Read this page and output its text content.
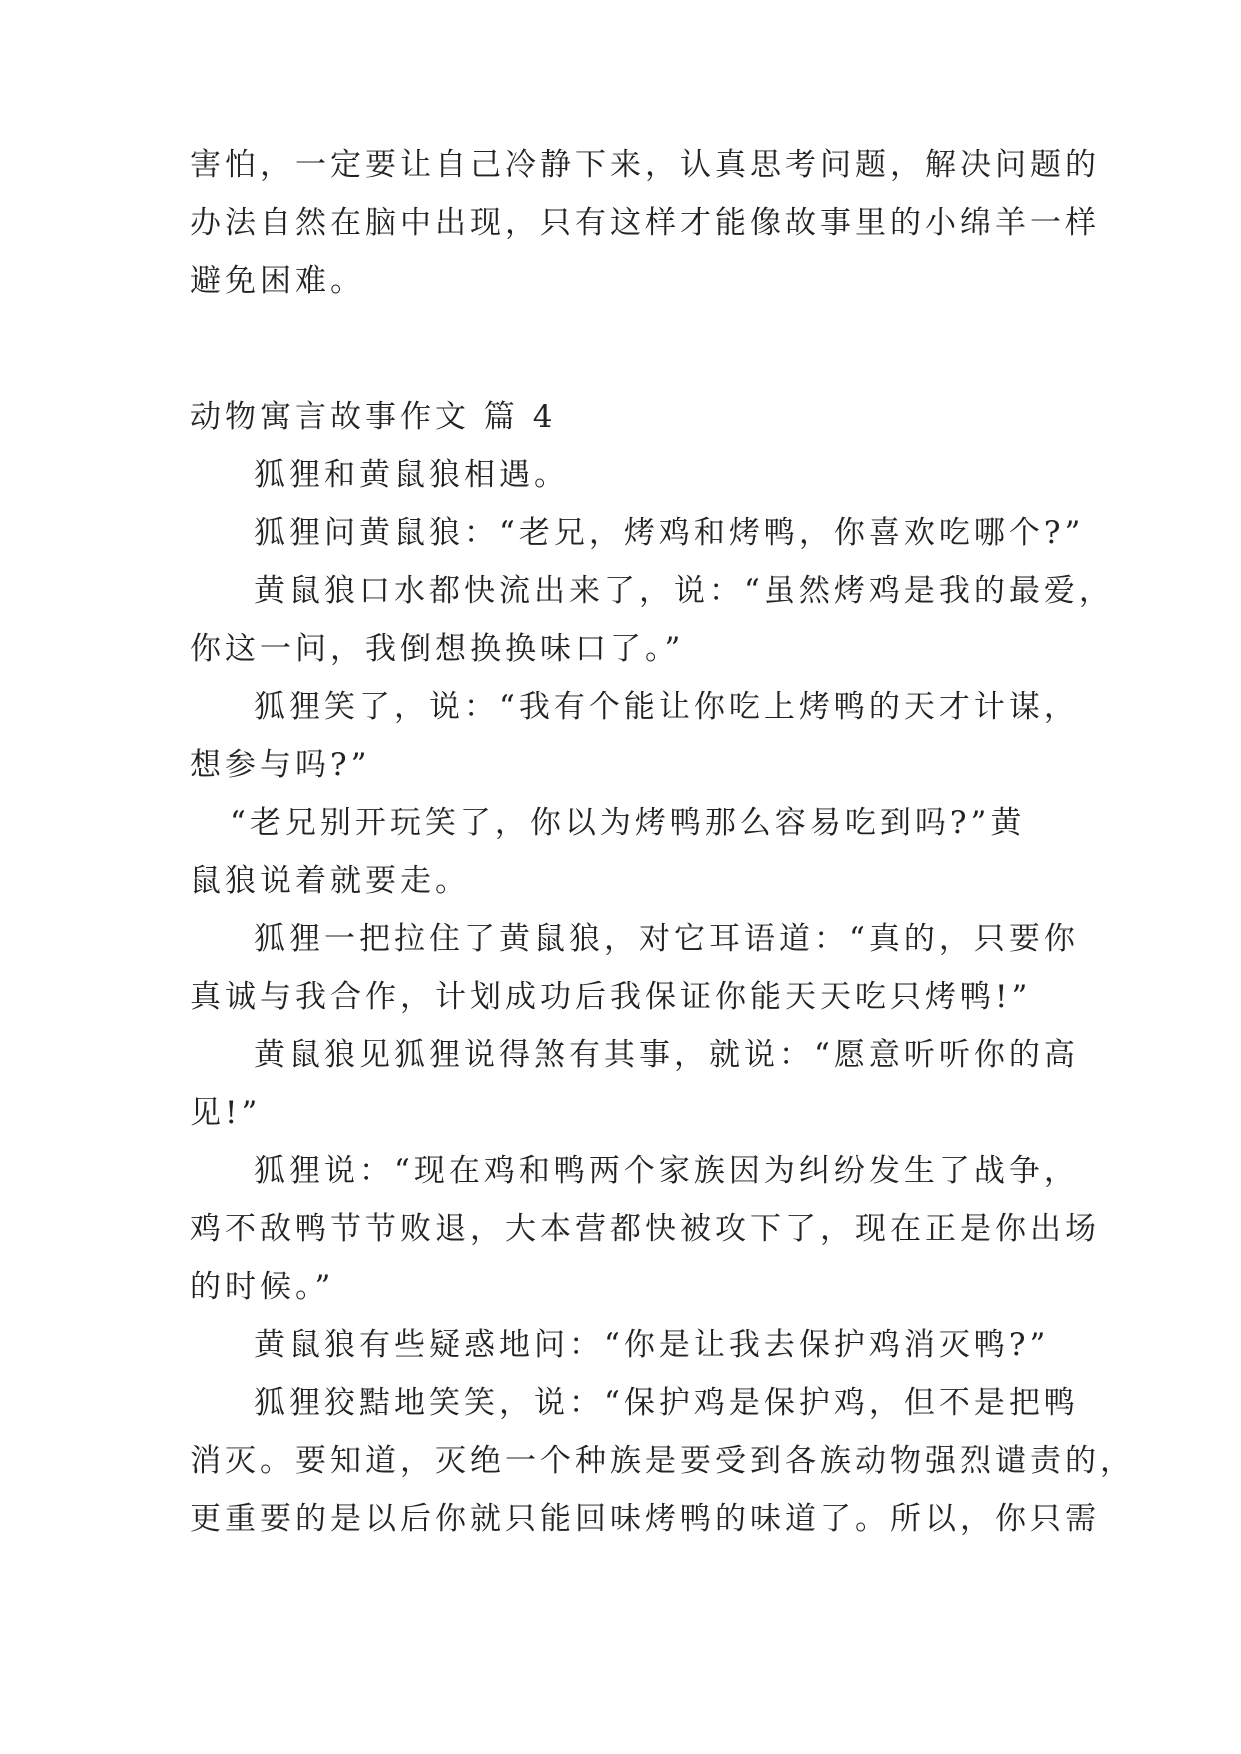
害怕，一定要让自己冷静下来，认真思考问题，解决问题的
办法自然在脑中出现，只有这样才能像故事里的小绵羊一样
避免困难。
动物寓言故事作文 篇 4
狐狸和黄鼠狼相遇。
狐狸问黄鼠狼：“老兄，烤鸡和烤鸭，你喜欢吃哪个?”
黄鼠狼口水都快流出来了，说：“虽然烤鸡是我的最爱，
你这一问，我倒想换换味口了。”
狐狸笑了，说：“我有个能让你吃上烤鸭的天才计谋，
想参与吗?”
“老兄别开玩笑了，你以为烤鸭那么容易吃到吗?”黄
鼠狼说着就要走。
狐狸一把拉住了黄鼠狼，对它耳语道：“真的，只要你
真诚与我合作，计划成功后我保证你能天天吃只烤鸭!”
黄鼠狼见狐狸说得煞有其事，就说：“愿意听听你的高
见!”
狐狸说：“现在鸡和鸭两个家族因为纠纷发生了战争，
鸡不敌鸭节节败退，大本营都快被攻下了，现在正是你出场
的时候。”
黄鼠狼有些疑惑地问：“你是让我去保护鸡消灭鸭?”
狐狸狡黠地笑笑，说：“保护鸡是保护鸡，但不是把鸭
消灭。要知道，灭绝一个种族是要受到各族动物强烈谴责的，
更重要的是以后你就只能回味烤鸭的味道了。所以，你只需
